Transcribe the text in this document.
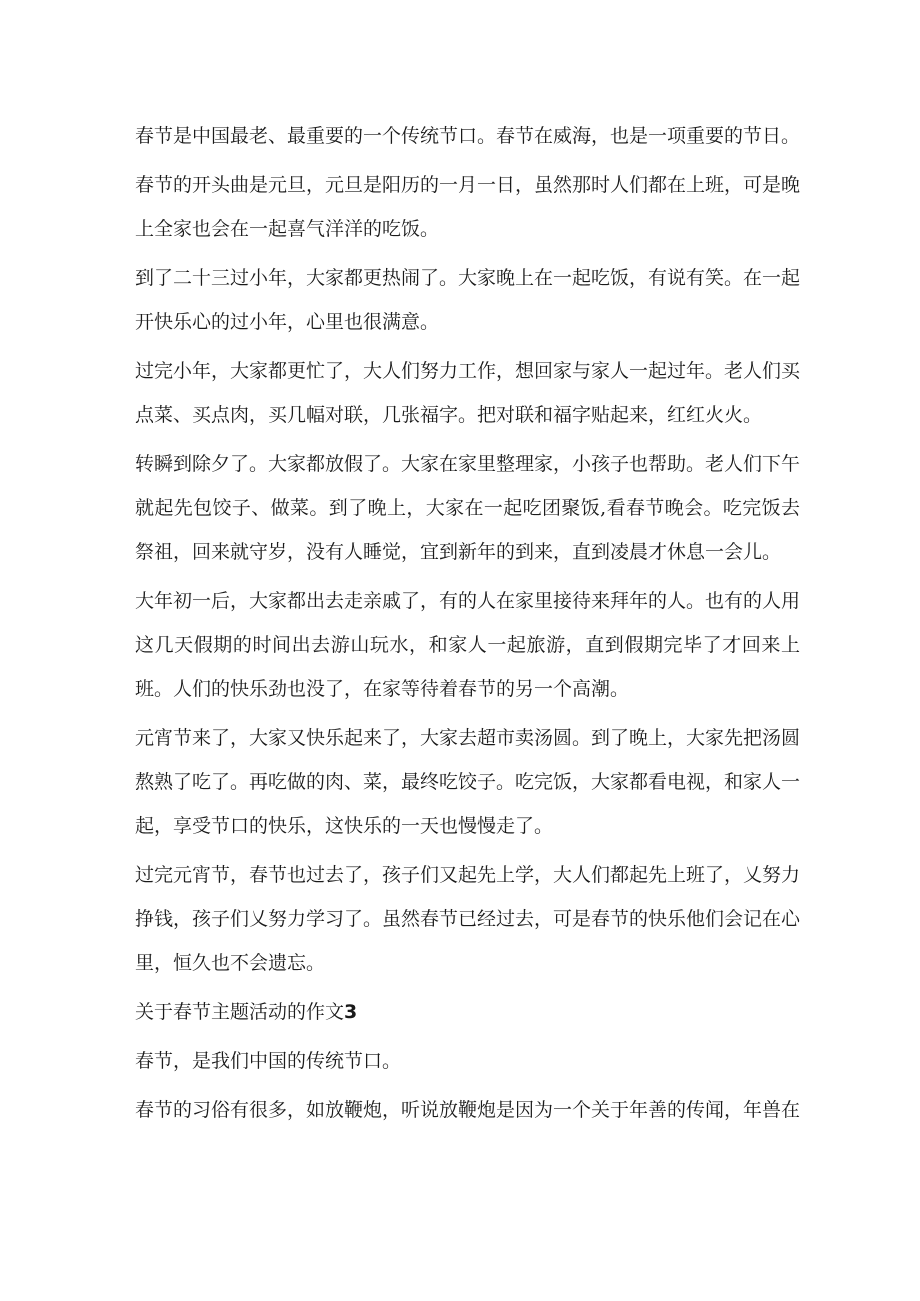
春节是中国最老、最重要的一个传统节口。春节在威海，也是一项重要的节日。

春节的开头曲是元旦，元旦是阳历的一月一日，虽然那时人们都在上班，可是晚上全家也会在一起喜气洋洋的吃饭。

到了二十三过小年，大家都更热闹了。大家晚上在一起吃饭，有说有笑。在一起开快乐心的过小年，心里也很满意。

过完小年，大家都更忙了，大人们努力工作，想回家与家人一起过年。老人们买点菜、买点肉，买几幅对联，几张福字。把对联和福字贴起来，红红火火。

转瞬到除夕了。大家都放假了。大家在家里整理家，小孩子也帮助。老人们下午就起先包饺子、做菜。到了晚上，大家在一起吃团聚饭,看春节晚会。吃完饭去祭祖，回来就守岁，没有人睡觉，宜到新年的到来，直到凌晨才休息一会儿。

大年初一后，大家都出去走亲戚了，有的人在家里接待来拜年的人。也有的人用这几天假期的时间出去游山玩水，和家人一起旅游，直到假期完毕了才回来上班。人们的快乐劲也没了，在家等待着春节的另一个高潮。

元宵节来了，大家又快乐起来了，大家去超市卖汤圆。到了晚上，大家先把汤圆熬熟了吃了。再吃做的肉、菜，最终吃饺子。吃完饭，大家都看电视，和家人一起，享受节口的快乐，这快乐的一天也慢慢走了。

过完元宵节，春节也过去了，孩子们又起先上学，大人们都起先上班了，乂努力挣钱，孩子们乂努力学习了。虽然春节已经过去，可是春节的快乐他们会记在心里，恒久也不会遗忘。

关于春节主题活动的作文3

春节，是我们中国的传统节口。

春节的习俗有很多，如放鞭炮，听说放鞭炮是因为一个关于年善的传闻，年兽在
